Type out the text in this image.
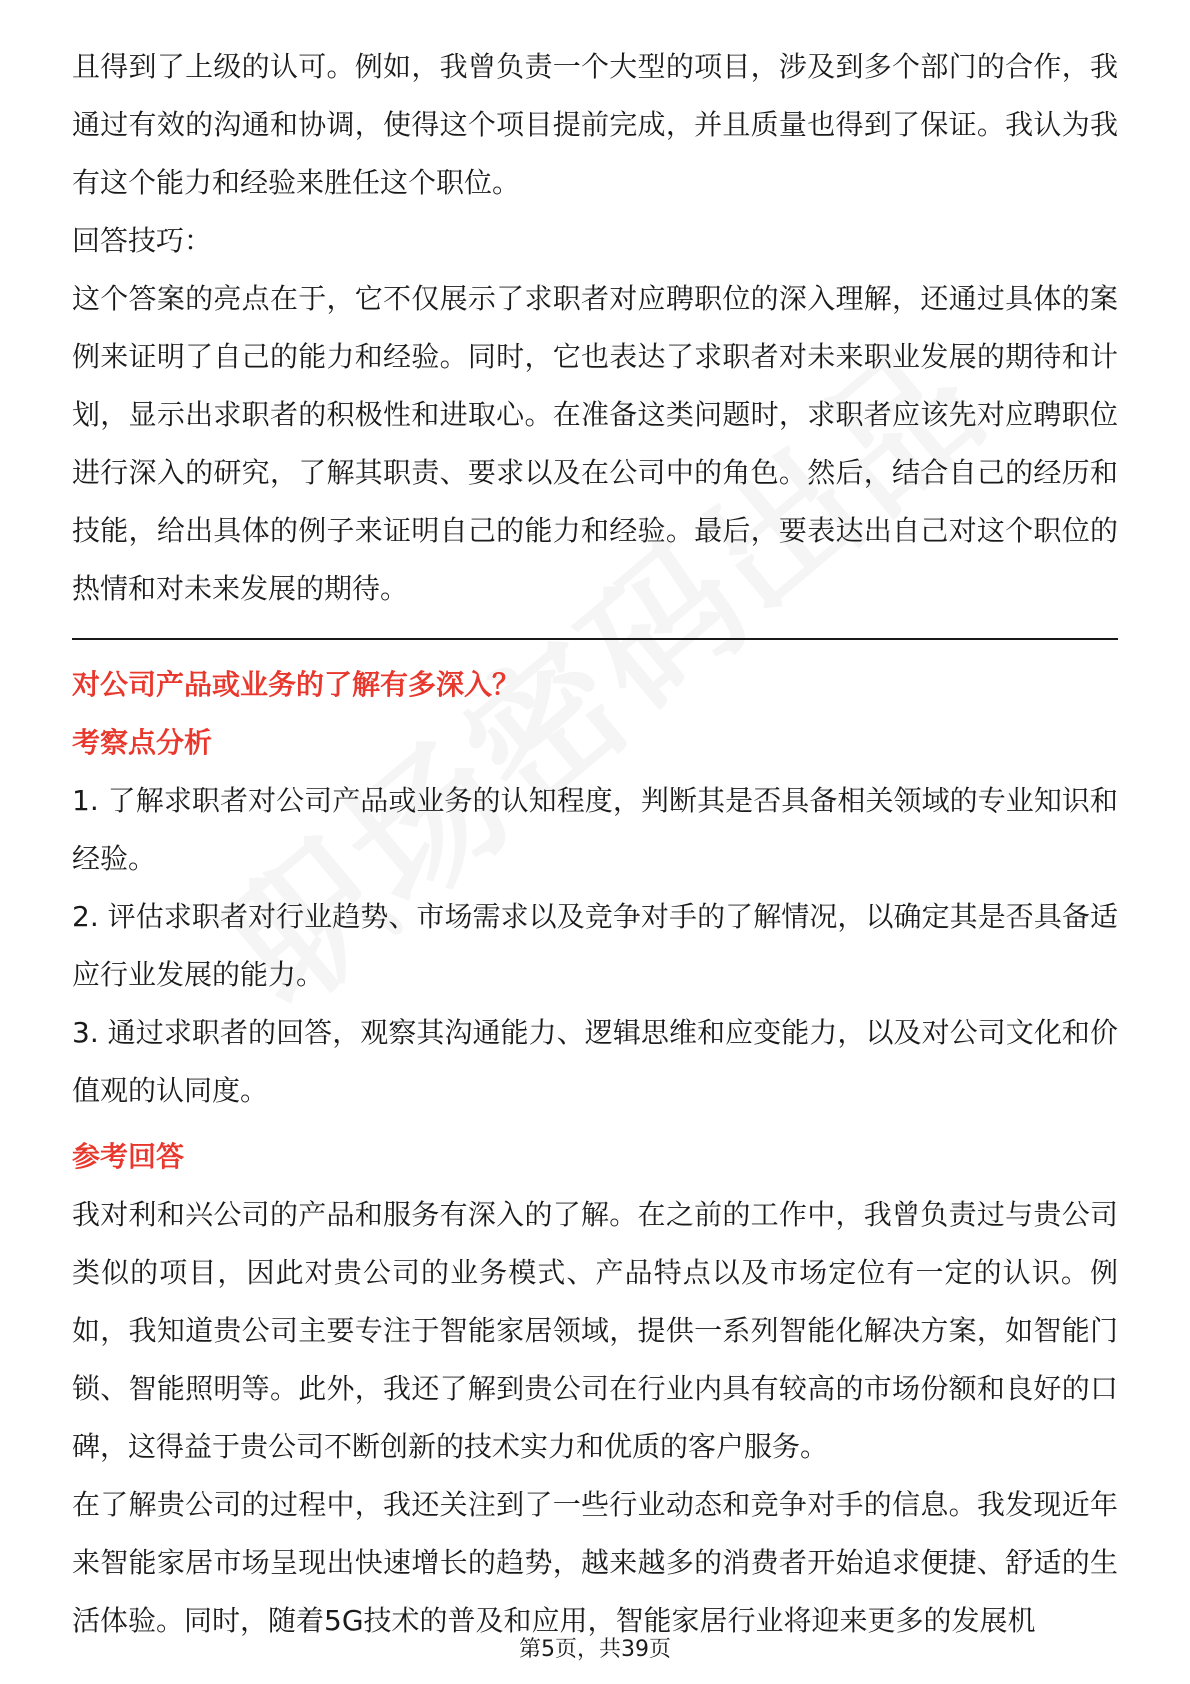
且得到了上级的认可。例如，我曾负责一个大型的项目，涉及到多个部门的合作，我通过有效的沟通和协调，使得这个项目提前完成，并且质量也得到了保证。我认为我有这个能力和经验来胜任这个职位。

回答技巧：

这个答案的亮点在于，它不仅展示了求职者对应聘职位的深入理解，还通过具体的案例来证明了自己的能力和经验。同时，它也表达了求职者对未来职业发展的期待和计划，显示出求职者的积极性和进取心。在准备这类问题时，求职者应该先对应聘职位进行深入的研究，了解其职责、要求以及在公司中的角色。然后，结合自己的经历和技能，给出具体的例子来证明自己的能力和经验。最后，要表达出自己对这个职位的热情和对未来发展的期待。

对公司产品或业务的了解有多深入？

考察点分析

1. 了解求职者对公司产品或业务的认知程度，判断其是否具备相关领域的专业知识和经验。

2. 评估求职者对行业趋势、市场需求以及竞争对手的了解情况，以确定其是否具备适应行业发展的能力。

3. 通过求职者的回答，观察其沟通能力、逻辑思维和应变能力，以及对公司文化和价值观的认同度。

参考回答

我对利和兴公司的产品和服务有深入的了解。在之前的工作中，我曾负责过与贵公司类似的项目，因此对贵公司的业务模式、产品特点以及市场定位有一定的认识。例如，我知道贵公司主要专注于智能家居领域，提供一系列智能化解决方案，如智能门锁、智能照明等。此外，我还了解到贵公司在行业内具有较高的市场份额和良好的口碑，这得益于贵公司不断创新的技术实力和优质的客户服务。

在了解贵公司的过程中，我还关注到了一些行业动态和竞争对手的信息。我发现近年来智能家居市场呈现出快速增长的趋势，越来越多的消费者开始追求便捷、舒适的生活体验。同时，随着5G技术的普及和应用，智能家居行业将迎来更多的发展机

第5页，共39页
